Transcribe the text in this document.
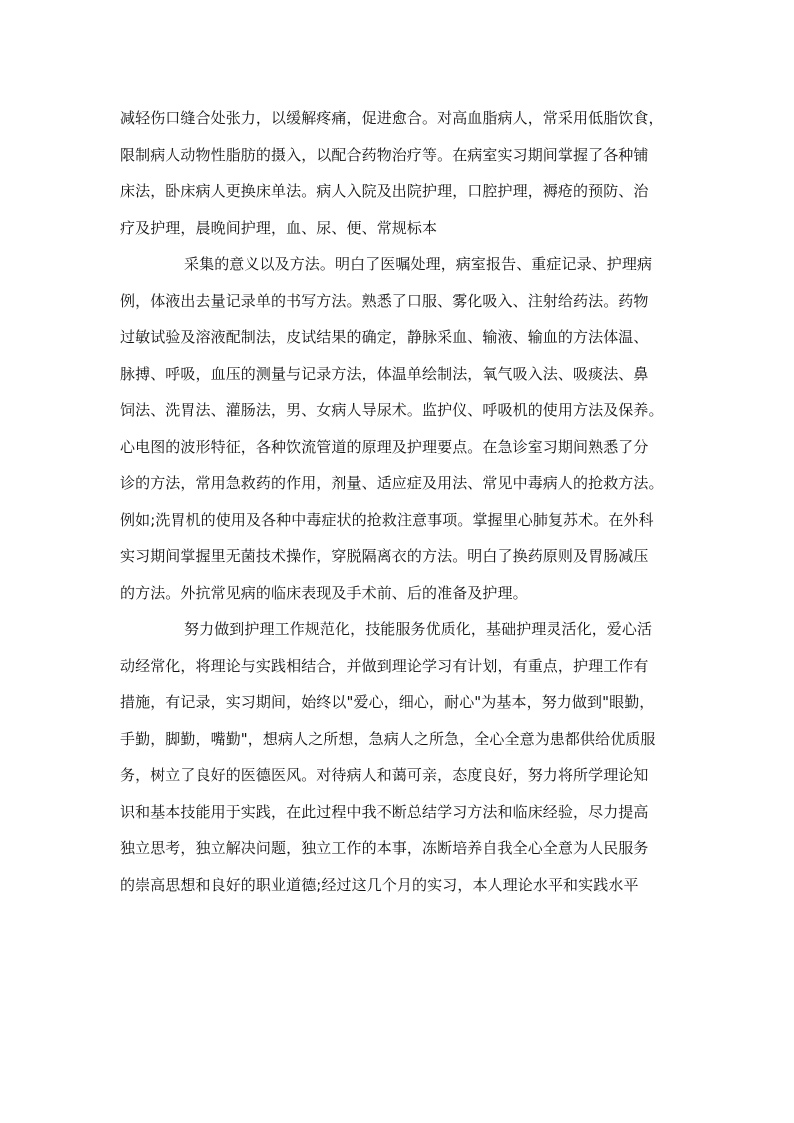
减轻伤口缝合处张力，以缓解疼痛，促进愈合。对高血脂病人，常采用低脂饮食，
限制病人动物性脂肪的摄入，以配合药物治疗等。在病室实习期间掌握了各种铺
床法，卧床病人更换床单法。病人入院及出院护理，口腔护理，褥疮的预防、治
疗及护理，晨晚间护理，血、尿、便、常规标本
采集的意义以及方法。明白了医嘱处理，病室报告、重症记录、护理病
例，体液出去量记录单的书写方法。熟悉了口服、雾化吸入、注射给药法。药物
过敏试验及溶液配制法，皮试结果的确定，静脉采血、输液、输血的方法体温、
脉搏、呼吸，血压的测量与记录方法，体温单绘制法，氧气吸入法、吸痰法、鼻
饲法、洗胃法、灌肠法，男、女病人导尿术。监护仪、呼吸机的使用方法及保养。
心电图的波形特征，各种饮流管道的原理及护理要点。在急诊室习期间熟悉了分
诊的方法，常用急救药的作用，剂量、适应症及用法、常见中毒病人的抢救方法。
例如;洗胃机的使用及各种中毒症状的抢救注意事项。掌握里心肺复苏术。在外科
实习期间掌握里无菌技术操作，穿脱隔离衣的方法。明白了换药原则及胃肠减压
的方法。外抗常见病的临床表现及手术前、后的准备及护理。
努力做到护理工作规范化，技能服务优质化，基础护理灵活化，爱心活
动经常化，将理论与实践相结合，并做到理论学习有计划，有重点，护理工作有
措施，有记录，实习期间，始终以"爱心，细心，耐心"为基本，努力做到"眼勤，
手勤，脚勤，嘴勤"，想病人之所想，急病人之所急，全心全意为患都供给优质服
务，树立了良好的医德医风。对待病人和蔼可亲，态度良好，努力将所学理论知
识和基本技能用于实践，在此过程中我不断总结学习方法和临床经验，尽力提高
独立思考，独立解决问题，独立工作的本事，冻断培养自我全心全意为人民服务
的崇高思想和良好的职业道德;经过这几个月的实习，本人理论水平和实践水平
